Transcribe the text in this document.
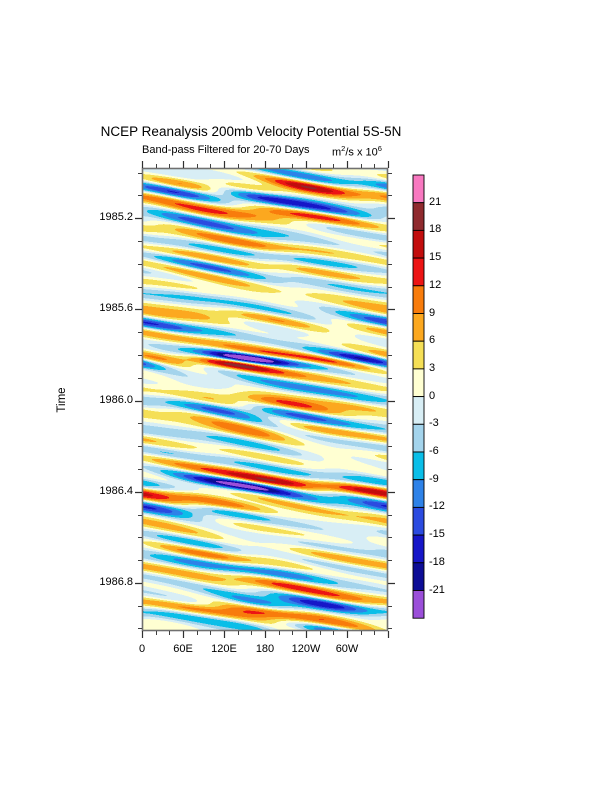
NCEP Reanalysis 200mb Velocity Potential 5S-5N
Band-pass Filtered for 20-70 Days $m^2/s$ x $10^6$
Time
0	60E	120E	180	120W	60W
1985.2
1985.6
1986.0
1986.4
1986.8
21
18
15
12
9
6
3
0
-3
-6
-9
-12
-15
-18
-21
